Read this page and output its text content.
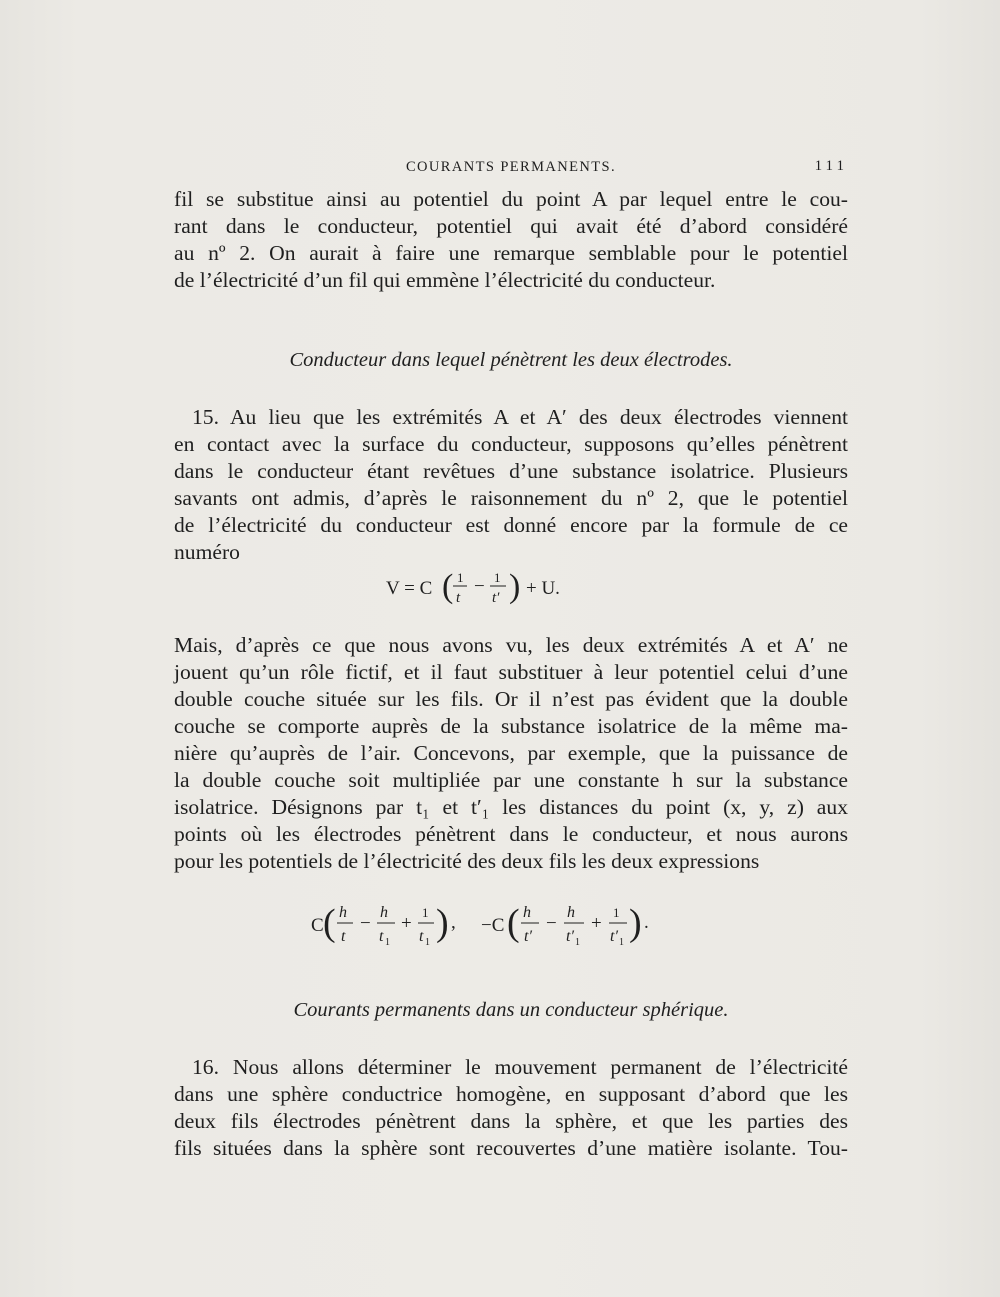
COURANTS PERMANENTS.	111
fil se substitue ainsi au potentiel du point A par lequel entre le cou-
rant dans le conducteur, potentiel qui avait été d’abord considéré
au nº 2. On aurait à faire une remarque semblable pour le potentiel
de l’électricité d’un fil qui emmène l’électricité du conducteur.
Conducteur dans lequel pénètrent les deux électrodes.
15. Au lieu que les extrémités A et A′ des deux électrodes viennent
en contact avec la surface du conducteur, supposons qu’elles pénètrent
dans le conducteur étant revêtues d’une substance isolatrice. Plusieurs
savants ont admis, d’après le raisonnement du nº 2, que le potentiel
de l’électricité du conducteur est donné encore par la formule de ce
numéro
V = C ( 1
t
− 1
t′ ) + U.
Mais, d’après ce que nous avons vu, les deux extrémités A et A′ ne
jouent qu’un rôle fictif, et il faut substituer à leur potentiel celui d’une
double couche située sur les fils. Or il n’est pas évident que la double
couche se comporte auprès de la substance isolatrice de la même ma-
nière qu’auprès de l’air. Concevons, par exemple, que la puissance de
la double couche soit multipliée par une constante h sur la substance
isolatrice. Désignons par t₁ et t′₁ les distances du point (x, y, z) aux
points où les électrodes pénètrent dans le conducteur, et nous aurons
pour les potentiels de l’électricité des deux fils les deux expressions
C ( h
t
−
h
t 1
+
1
t 1 ) , −C ( h
t′
−
h
t′ 1
+
1
t′ 1 ) .
Courants permanents dans un conducteur sphérique.
16. Nous allons déterminer le mouvement permanent de l’électricité
dans une sphère conductrice homogène, en supposant d’abord que les
deux fils électrodes pénètrent dans la sphère, et que les parties des
fils situées dans la sphère sont recouvertes d’une matière isolante. Tou-
